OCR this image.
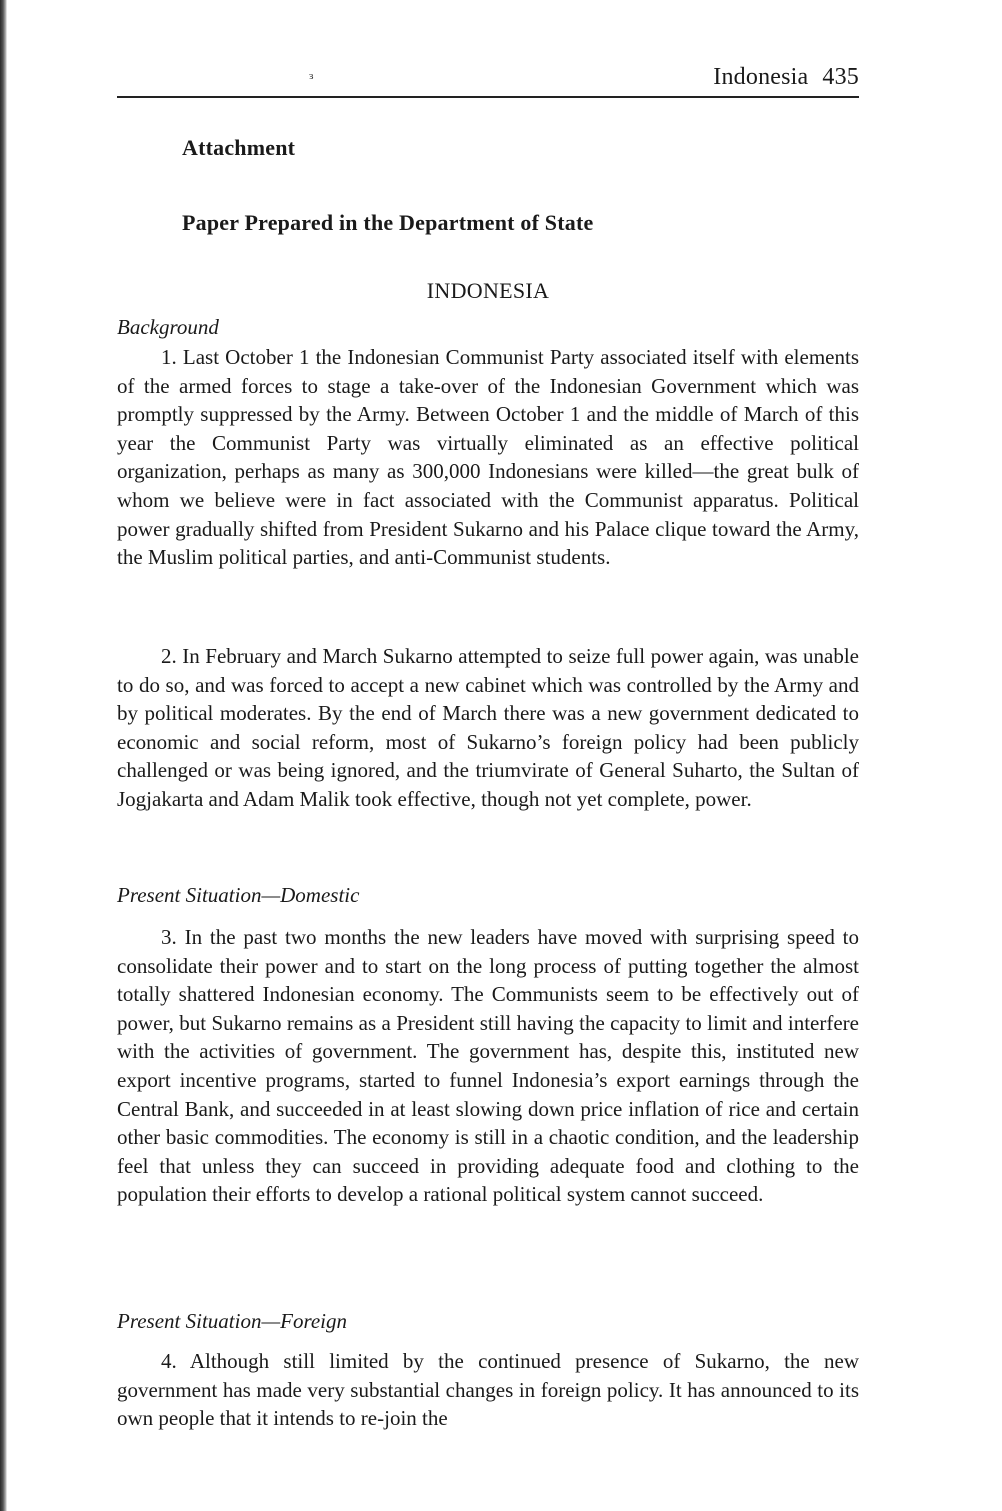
ᵌ	Indonesia 435
Attachment
Paper Prepared in the Department of State
INDONESIA
Background

1. Last October 1 the Indonesian Communist Party associated itself with elements of the armed forces to stage a take-over of the Indonesian Government which was promptly suppressed by the Army. Between October 1 and the middle of March of this year the Communist Party was virtually eliminated as an effective political organization, perhaps as many as 300,000 Indonesians were killed—the great bulk of whom we believe were in fact associated with the Communist apparatus. Political power gradually shifted from President Sukarno and his Palace clique toward the Army, the Muslim political parties, and anti-Communist students.

2. In February and March Sukarno attempted to seize full power again, was unable to do so, and was forced to accept a new cabinet which was controlled by the Army and by political moderates. By the end of March there was a new government dedicated to economic and social reform, most of Sukarno’s foreign policy had been publicly challenged or was being ignored, and the triumvirate of General Suharto, the Sultan of Jogjakarta and Adam Malik took effective, though not yet complete, power.

Present Situation—Domestic

3. In the past two months the new leaders have moved with surprising speed to consolidate their power and to start on the long process of putting together the almost totally shattered Indonesian economy. The Communists seem to be effectively out of power, but Sukarno remains as a President still having the capacity to limit and interfere with the activities of government. The government has, despite this, instituted new export incentive programs, started to funnel Indonesia’s export earnings through the Central Bank, and succeeded in at least slowing down price inflation of rice and certain other basic commodities. The economy is still in a chaotic condition, and the leadership feel that unless they can succeed in providing adequate food and clothing to the population their efforts to develop a rational political system cannot succeed.

Present Situation—Foreign

4. Although still limited by the continued presence of Sukarno, the new government has made very substantial changes in foreign policy. It has announced to its own people that it intends to re-join the
